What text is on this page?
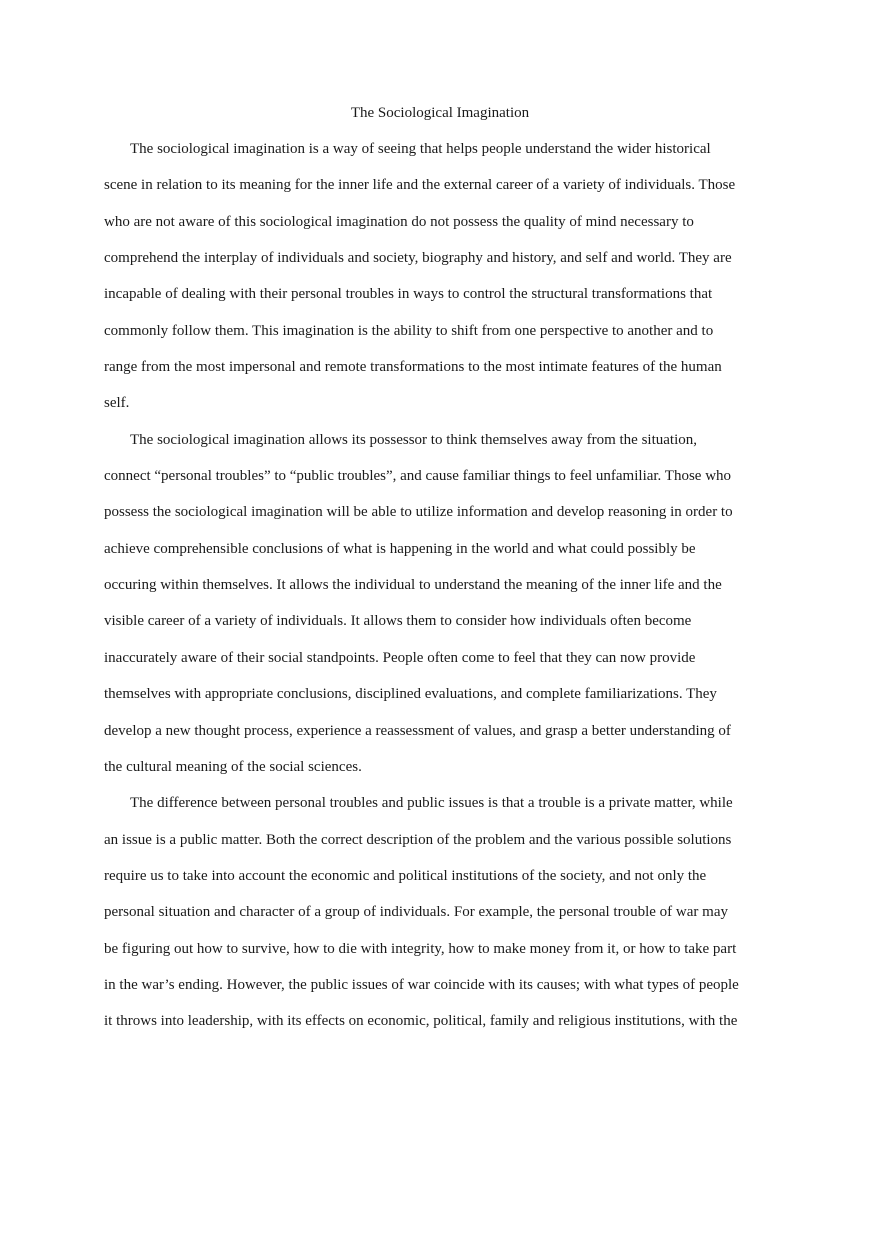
The Sociological Imagination
The sociological imagination is a way of seeing that helps people understand the wider historical
scene in relation to its meaning for the inner life and the external career of a variety of individuals. Those
who are not aware of this sociological imagination do not possess the quality of mind necessary to
comprehend the interplay of individuals and society, biography and history, and self and world. They are
incapable of dealing with their personal troubles in ways to control the structural transformations that
commonly follow them. This imagination is the ability to shift from one perspective to another and to
range from the most impersonal and remote transformations to the most intimate features of the human
self.
The sociological imagination allows its possessor to think themselves away from the situation,
connect “personal troubles” to “public troubles”, and cause familiar things to feel unfamiliar. Those who
possess the sociological imagination will be able to utilize information and develop reasoning in order to
achieve comprehensible conclusions of what is happening in the world and what could possibly be
occuring within themselves. It allows the individual to understand the meaning of the inner life and the
visible career of a variety of individuals. It allows them to consider how individuals often become
inaccurately aware of their social standpoints. People often come to feel that they can now provide
themselves with appropriate conclusions, disciplined evaluations, and complete familiarizations. They
develop a new thought process, experience a reassessment of values, and grasp a better understanding of
the cultural meaning of the social sciences.
The difference between personal troubles and public issues is that a trouble is a private matter, while
an issue is a public matter. Both the correct description of the problem and the various possible solutions
require us to take into account the economic and political institutions of the society, and not only the
personal situation and character of a group of individuals. For example, the personal trouble of war may
be figuring out how to survive, how to die with integrity, how to make money from it, or how to take part
in the war’s ending. However, the public issues of war coincide with its causes; with what types of people
it throws into leadership, with its effects on economic, political, family and religious institutions, with the
